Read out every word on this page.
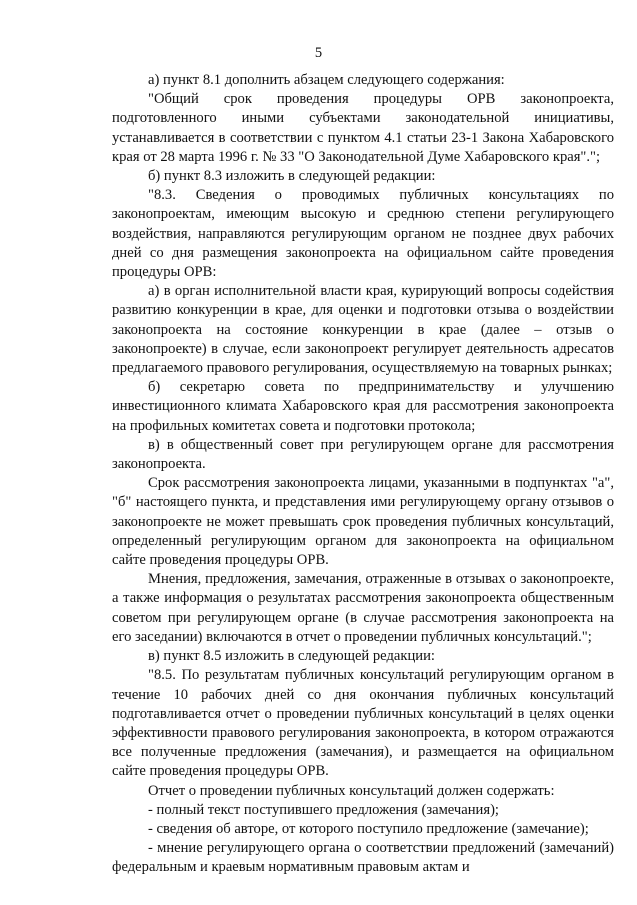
5

а) пункт 8.1 дополнить абзацем следующего содержания:

"Общий срок проведения процедуры ОРВ законопроекта, подготовленного иными субъектами законодательной инициативы, устанавливается в соответствии с пунктом 4.1 статьи 23-1 Закона Хабаровского края от 28 марта 1996 г. № 33 "О Законодательной Думе Хабаровского края".";

б) пункт 8.3 изложить в следующей редакции:

"8.3. Сведения о проводимых публичных консультациях по законопроектам, имеющим высокую и среднюю степени регулирующего воздействия, направляются регулирующим органом не позднее двух рабочих дней со дня размещения законопроекта на официальном сайте проведения процедуры ОРВ:

а) в орган исполнительной власти края, курирующий вопросы содействия развитию конкуренции в крае, для оценки и подготовки отзыва о воздействии законопроекта на состояние конкуренции в крае (далее – отзыв о законопроекте) в случае, если законопроект регулирует деятельность адресатов предлагаемого правового регулирования, осуществляемую на товарных рынках;

б) секретарю совета по предпринимательству и улучшению инвестиционного климата Хабаровского края для рассмотрения законопроекта на профильных комитетах совета и подготовки протокола;

в) в общественный совет при регулирующем органе для рассмотрения законопроекта.

Срок рассмотрения законопроекта лицами, указанными в подпунктах "а", "б" настоящего пункта, и представления ими регулирующему органу отзывов о законопроекте не может превышать срок проведения публичных консультаций, определенный регулирующим органом для законопроекта на официальном сайте проведения процедуры ОРВ.

Мнения, предложения, замечания, отраженные в отзывах о законопроекте, а также информация о результатах рассмотрения законопроекта общественным советом при регулирующем органе (в случае рассмотрения законопроекта на его заседании) включаются в отчет о проведении публичных консультаций.";

в) пункт 8.5 изложить в следующей редакции:

"8.5. По результатам публичных консультаций регулирующим органом в течение 10 рабочих дней со дня окончания публичных консультаций подготавливается отчет о проведении публичных консультаций в целях оценки эффективности правового регулирования законопроекта, в котором отражаются все полученные предложения (замечания), и размещается на официальном сайте проведения процедуры ОРВ.

Отчет о проведении публичных консультаций должен содержать:

- полный текст поступившего предложения (замечания);

- сведения об авторе, от которого поступило предложение (замечание);

- мнение регулирующего органа о соответствии предложений (замечаний) федеральным и краевым нормативным правовым актам и
